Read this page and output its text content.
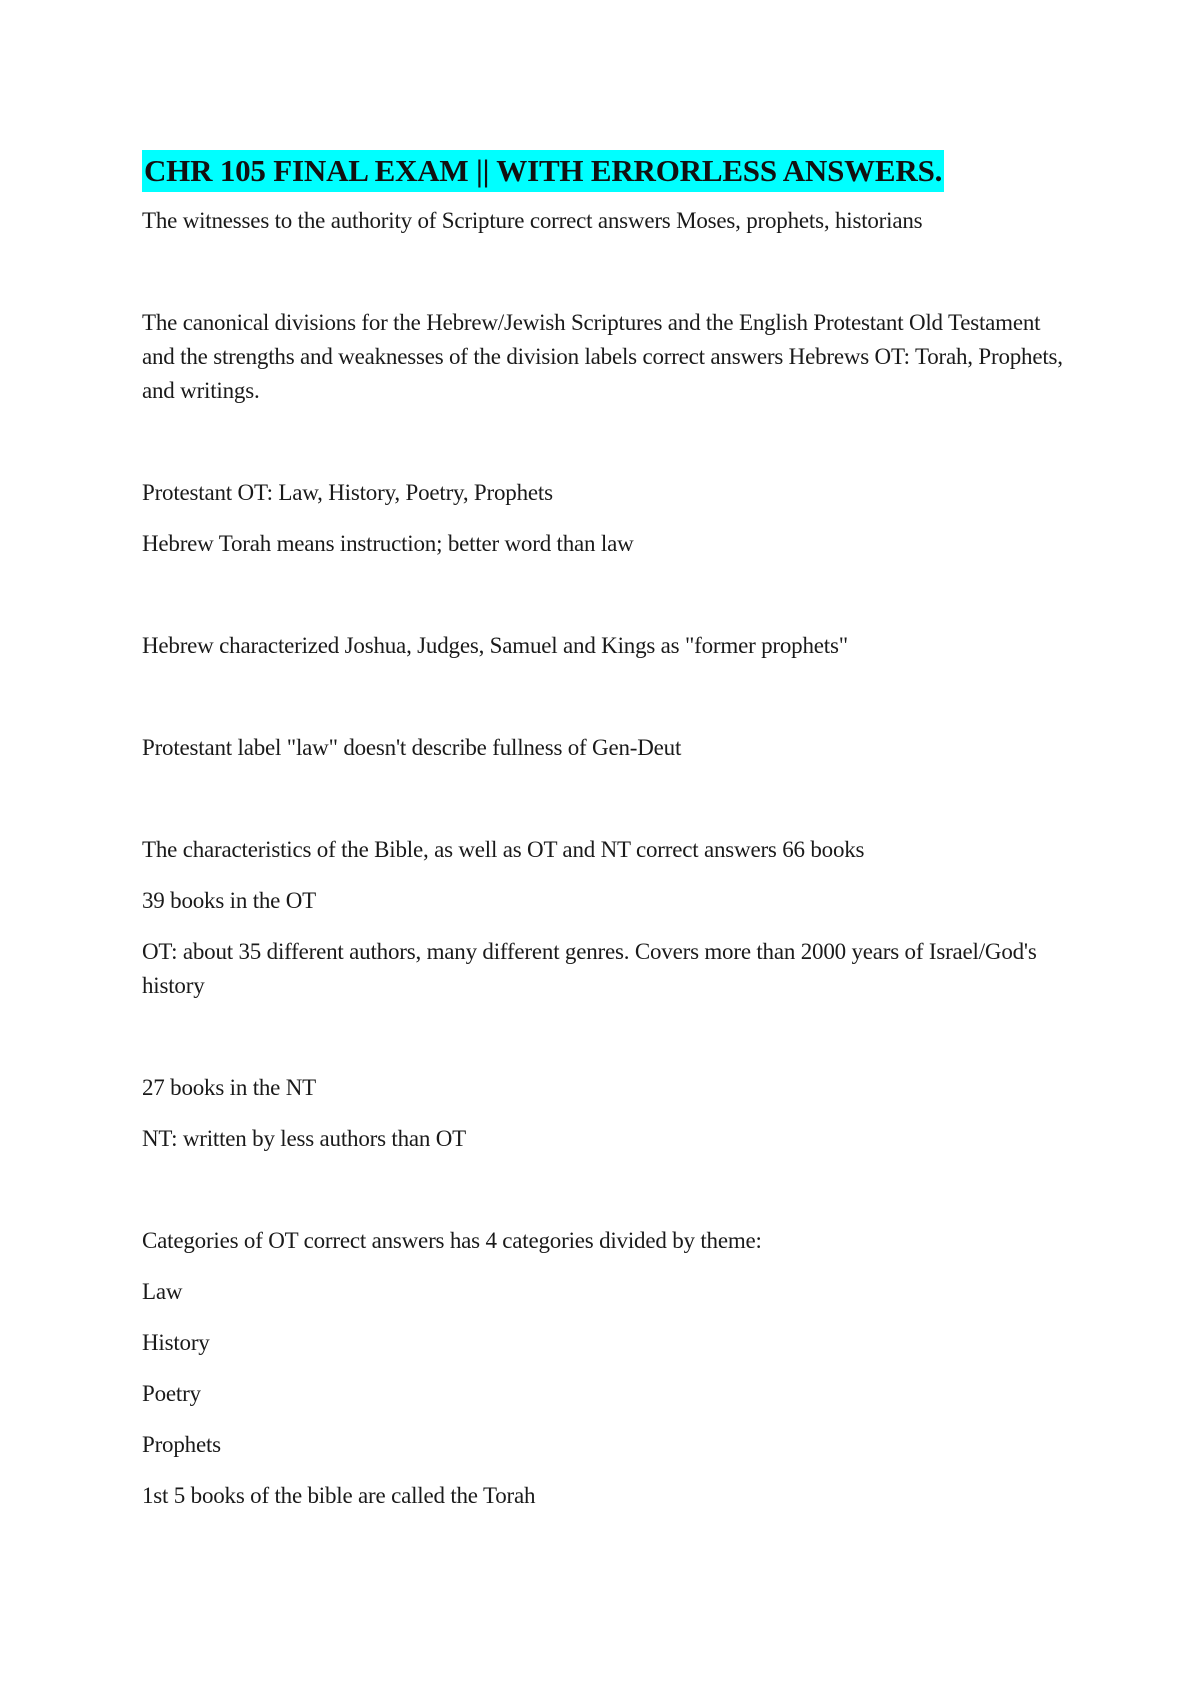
CHR 105 FINAL EXAM || WITH ERRORLESS ANSWERS.

The witnesses to the authority of Scripture correct answers Moses, prophets, historians

The canonical divisions for the Hebrew/Jewish Scriptures and the English Protestant Old Testament and the strengths and weaknesses of the division labels correct answers Hebrews OT: Torah, Prophets, and writings.

Protestant OT: Law, History, Poetry, Prophets

Hebrew Torah means instruction; better word than law

Hebrew characterized Joshua, Judges, Samuel and Kings as "former prophets"

Protestant label "law" doesn't describe fullness of Gen-Deut

The characteristics of the Bible, as well as OT and NT correct answers 66 books

39 books in the OT

OT: about 35 different authors, many different genres. Covers more than 2000 years of Israel/God's history

27 books in the NT

NT: written by less authors than OT

Categories of OT correct answers has 4 categories divided by theme:

Law

History

Poetry

Prophets

1st 5 books of the bible are called the Torah
